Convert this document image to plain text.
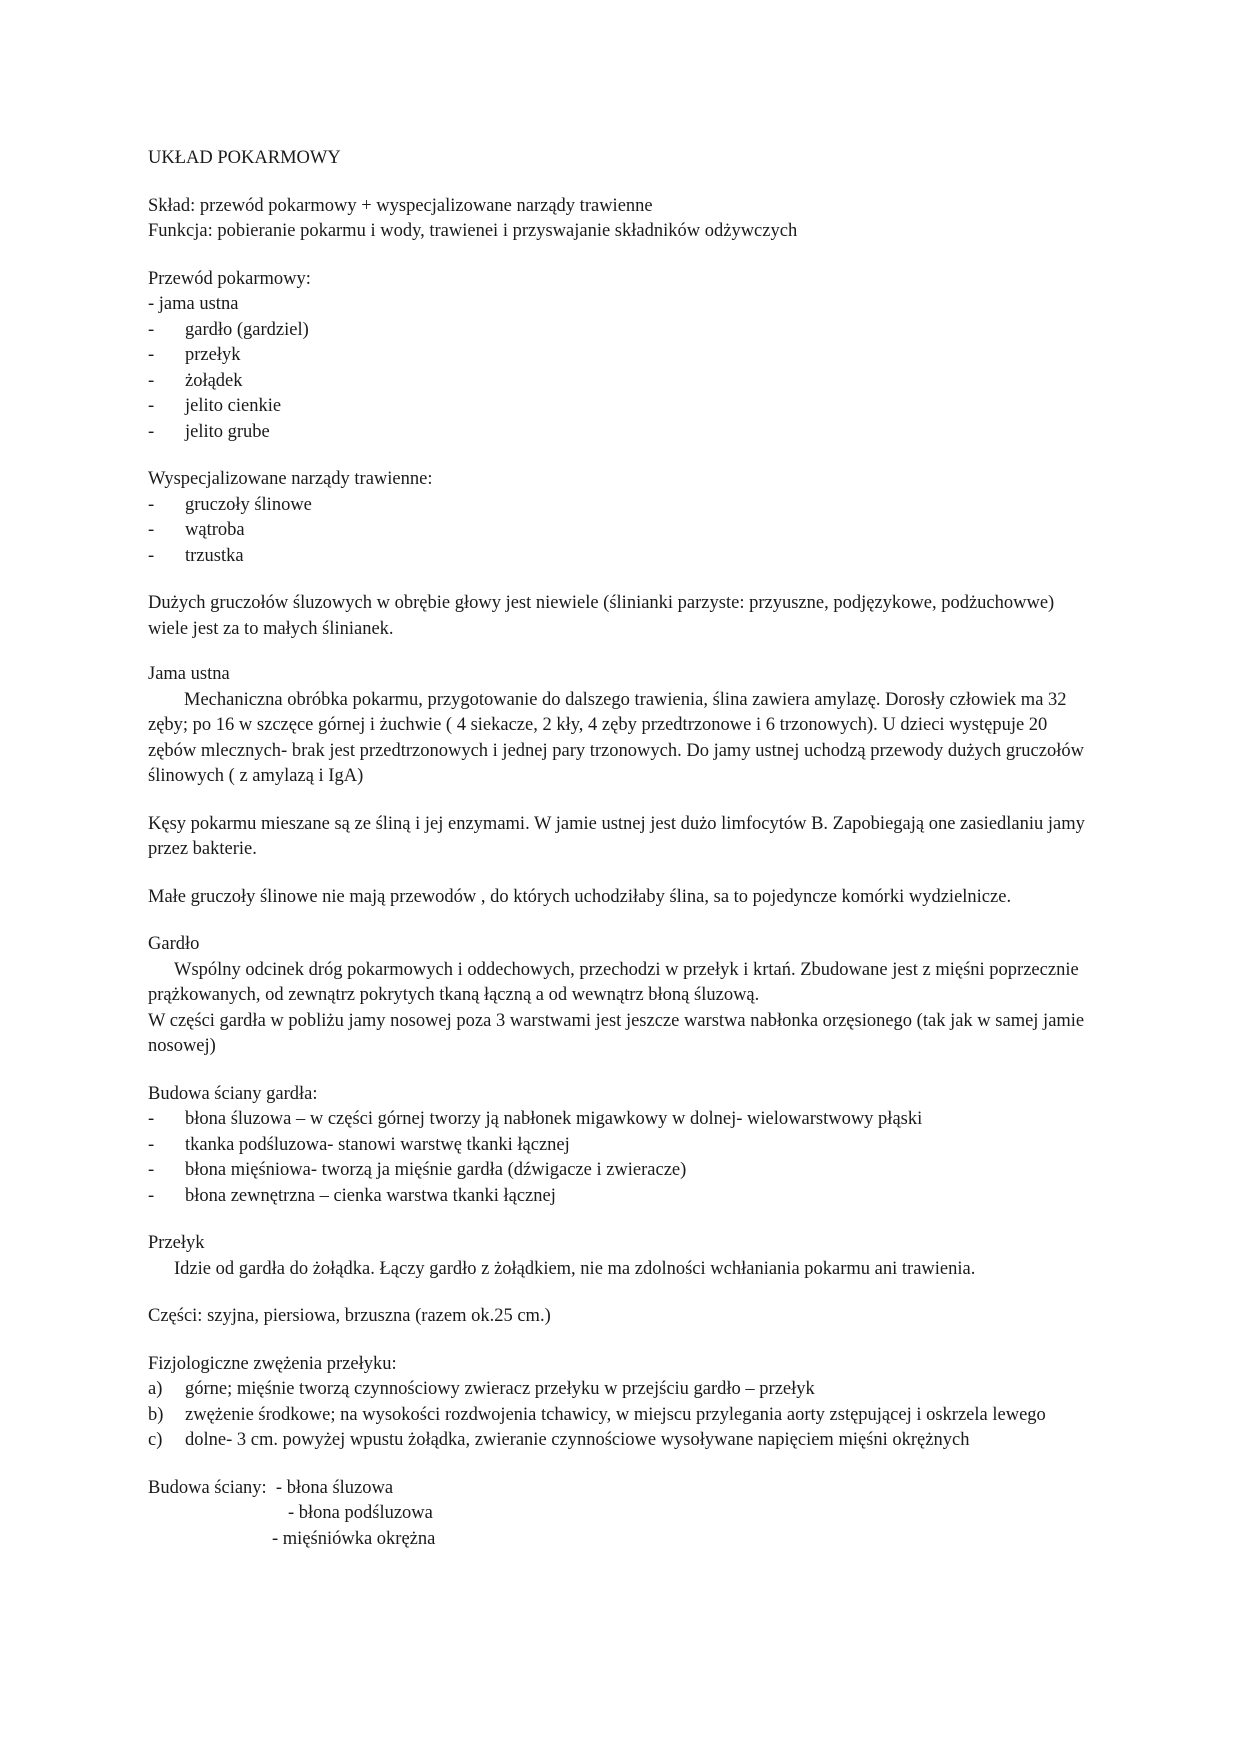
UKŁAD POKARMOWY

Skład: przewód pokarmowy + wyspecjalizowane narządy trawienne

Funkcja: pobieranie pokarmu i wody, trawienei i przyswajanie składników odżywczych

Przewód pokarmowy:

- jama ustna

- gardło (gardziel)
- przełyk
- żołądek
- jelito cienkie
- jelito grube

Wyspecjalizowane narządy trawienne:

- gruczoły ślinowe
- wątroba
- trzustka

Dużych gruczołów śluzowych w obrębie głowy jest niewiele (ślinianki parzyste: przyuszne, podjęzykowe, podżuchowwe) wiele jest za to małych ślinianek.

Jama ustna

Mechaniczna obróbka pokarmu, przygotowanie do dalszego trawienia, ślina zawiera amylazę. Dorosły człowiek ma 32 zęby; po 16 w szczęce górnej i żuchwie ( 4 siekacze, 2 kły, 4 zęby przedtrzonowe i 6 trzonowych). U dzieci występuje 20 zębów mlecznych- brak jest przedtrzonowych i jednej pary trzonowych. Do jamy ustnej uchodzą przewody dużych gruczołów ślinowych ( z amylazą i IgA)

Kęsy pokarmu mieszane są ze śliną i jej enzymami. W jamie ustnej jest dużo limfocytów B. Zapobiegają one zasiedlaniu jamy przez bakterie.

Małe gruczoły ślinowe nie mają przewodów , do których uchodziłaby ślina, sa to pojedyncze komórki wydzielnicze.

Gardło

Wspólny odcinek dróg pokarmowych i oddechowych, przechodzi w przełyk i krtań. Zbudowane jest z mięśni poprzecznie prążkowanych, od zewnątrz pokrytych tkaną łączną a od wewnątrz błoną śluzową.

W części gardła w pobliżu jamy nosowej poza 3 warstwami jest jeszcze warstwa nabłonka orzęsionego (tak jak w samej jamie nosowej)

Budowa ściany gardła:

- błona śluzowa – w części górnej tworzy ją nabłonek migawkowy w dolnej- wielowarstwowy płąski
- tkanka podśluzowa- stanowi warstwę tkanki łącznej
- błona mięśniowa- tworzą ja mięśnie gardła (dźwigacze i zwieracze)
- błona zewnętrzna – cienka warstwa tkanki łącznej

Przełyk

Idzie od gardła do żołądka. Łączy gardło z żołądkiem, nie ma zdolności wchłaniania pokarmu ani trawienia.

Części: szyjna, piersiowa, brzuszna (razem ok.25 cm.)

Fizjologiczne zwężenia przełyku:

a) górne; mięśnie tworzą czynnościowy zwieracz przełyku w przejściu gardło – przełyk
b) zwężenie środkowe; na wysokości rozdwojenia tchawicy, w miejscu przylegania aorty zstępującej i oskrzela lewego
c) dolne- 3 cm. powyżej wpustu żołądka, zwieranie czynnościowe wysoływane napięciem mięśni okrężnych

Budowa ściany:  - błona śluzowa

- błona podśluzowa

- mięśniówka okrężna
